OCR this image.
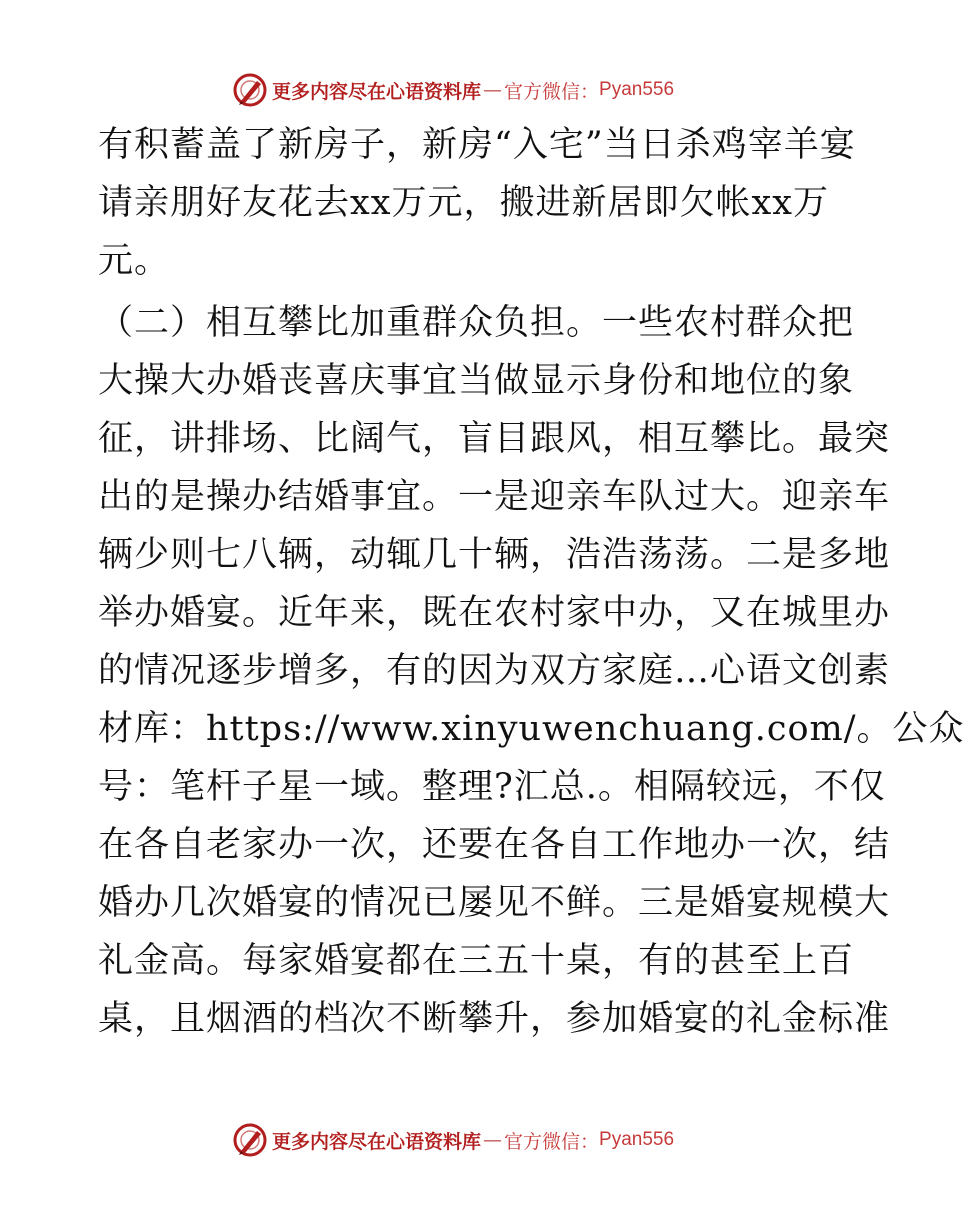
更多内容尽在心语资料库 — 官方微信： Pyan556
有积蓄盖了新房子，新房“入宅”当日杀鸡宰羊宴
请亲朋好友花去xx万元，搬进新居即欠帐xx万
元。
（二）相互攀比加重群众负担。一些农村群众把
大操大办婚丧喜庆事宜当做显示身份和地位的象
征，讲排场、比阔气，盲目跟风，相互攀比。最突
出的是操办结婚事宜。一是迎亲车队过大。迎亲车
辆少则七八辆，动辄几十辆，浩浩荡荡。二是多地
举办婚宴。近年来，既在农村家中办，又在城里办
的情况逐步增多，有的因为双方家庭…心语文创素
材库：https://www.xinyuwenchuang.com/。公众
号：笔杆子星一域。整理?汇总.。相隔较远，不仅
在各自老家办一次，还要在各自工作地办一次，结
婚办几次婚宴的情况已屡见不鲜。三是婚宴规模大
礼金高。每家婚宴都在三五十桌，有的甚至上百
桌，且烟酒的档次不断攀升，参加婚宴的礼金标准
更多内容尽在心语资料库 — 官方微信： Pyan556
